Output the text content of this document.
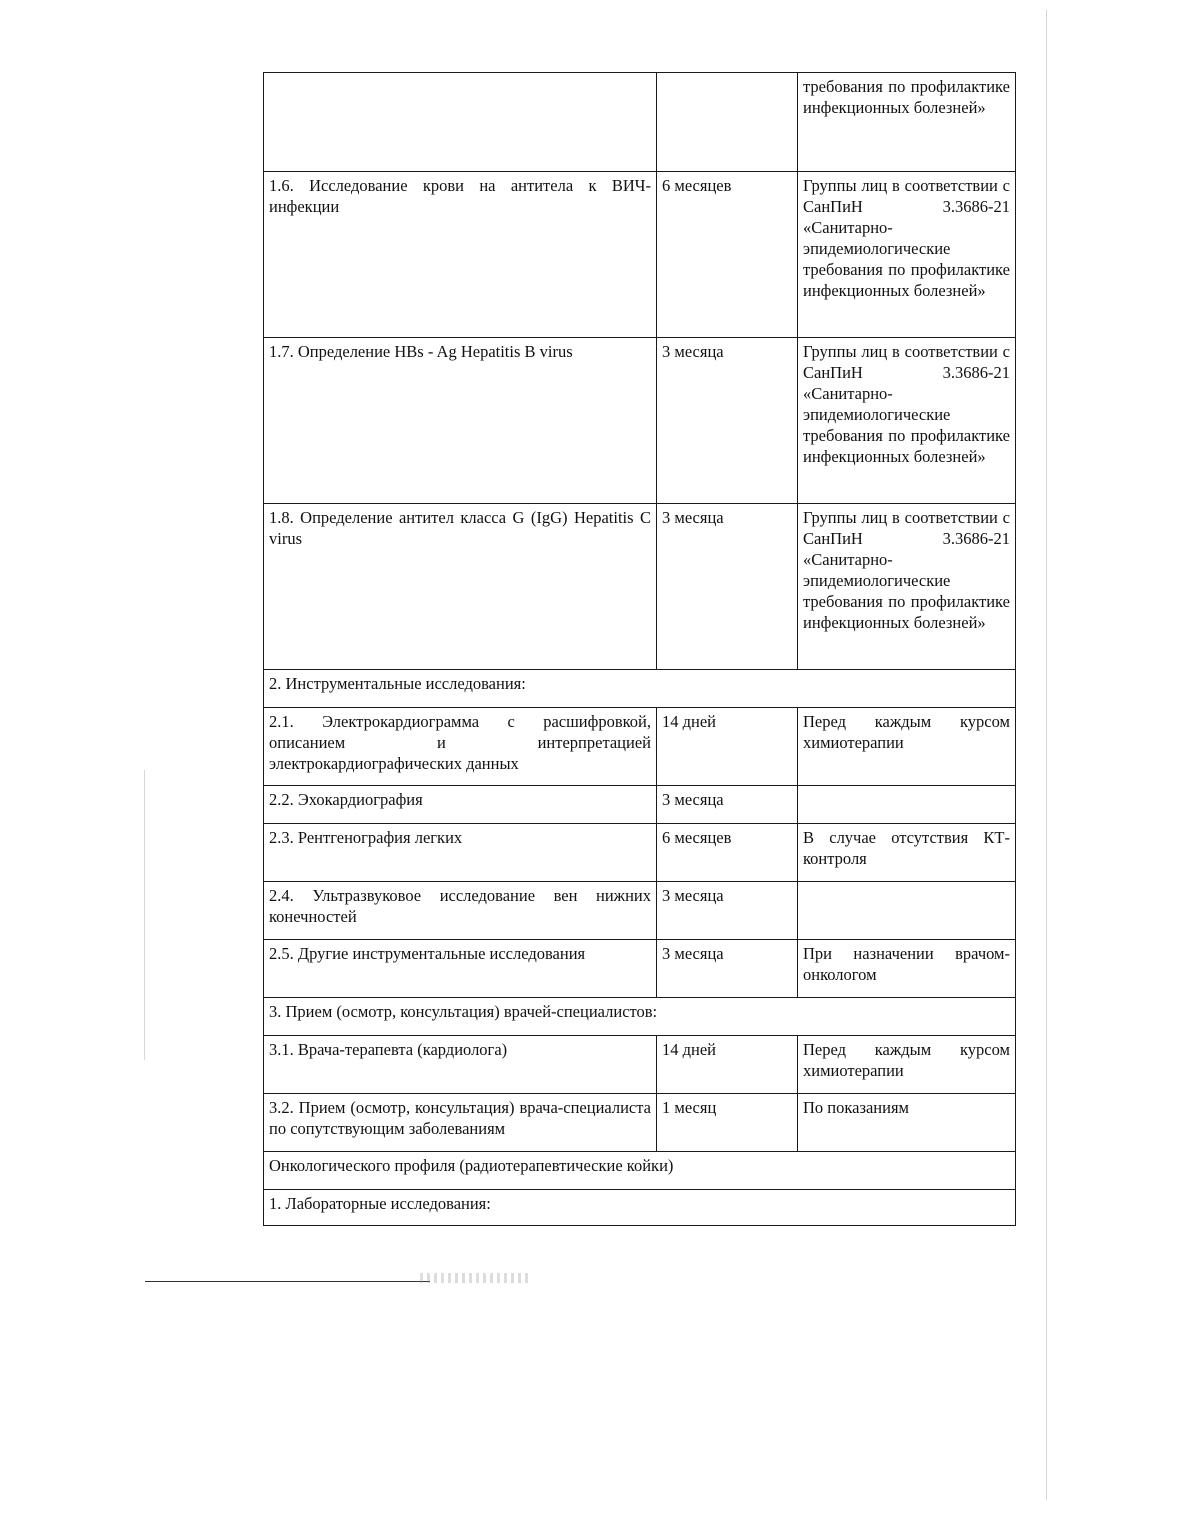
		требования по профилактике инфекционных болезней»
1.6. Исследование крови на антитела к ВИЧ-инфекции	6 месяцев	Группы лиц в соответствии с СанПиН 3.3686-21 «Санитарно-эпидемиологические требования по профилактике инфекционных болезней»
1.7. Определение HBs - Ag Hepatitis B virus	3 месяца	Группы лиц в соответствии с СанПиН 3.3686-21 «Санитарно-эпидемиологические требования по профилактике инфекционных болезней»
1.8. Определение антител класса G (IgG) Hepatitis C virus	3 месяца	Группы лиц в соответствии с СанПиН 3.3686-21 «Санитарно-эпидемиологические требования по профилактике инфекционных болезней»
2. Инструментальные исследования:		
2.1. Электрокардиограмма с расшифровкой, описанием и интерпретацией электрокардиографических данных	14 дней	Перед каждым курсом химиотерапии
2.2. Эхокардиография	3 месяца	
2.3. Рентгенография легких	6 месяцев	В случае отсутствия КТ-контроля
2.4. Ультразвуковое исследование вен нижних конечностей	3 месяца	
2.5. Другие инструментальные исследования	3 месяца	При назначении врачом-онкологом
3. Прием (осмотр, консультация) врачей-специалистов:		
3.1. Врача-терапевта (кардиолога)	14 дней	Перед каждым курсом химиотерапии
3.2. Прием (осмотр, консультация) врача-специалиста по сопутствующим заболеваниям	1 месяц	По показаниям
Онкологического профиля (радиотерапевтические койки)		
1. Лабораторные исследования:		
